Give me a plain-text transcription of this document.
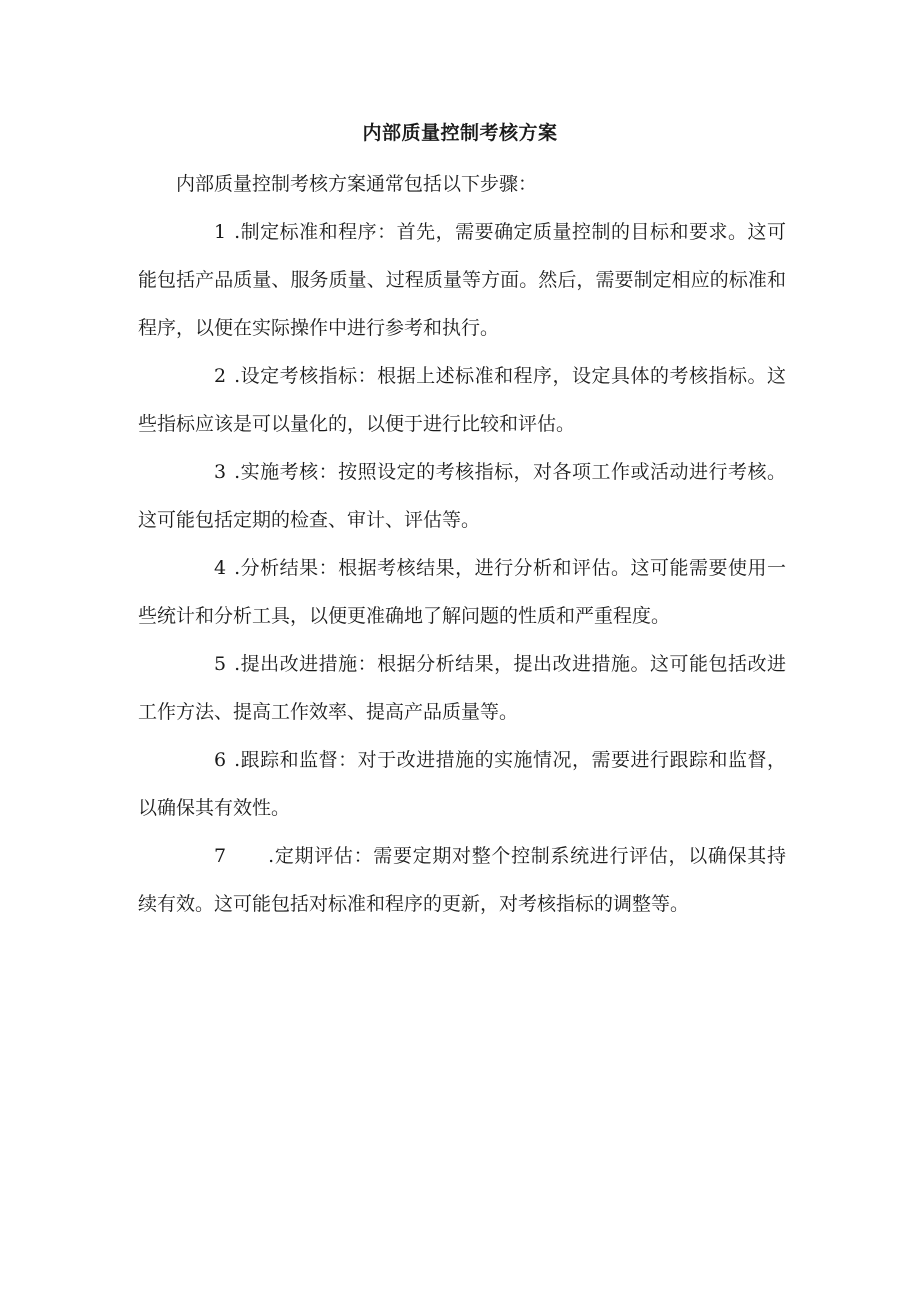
内部质量控制考核方案

内部质量控制考核方案通常包括以下步骤：

1 .制定标准和程序：首先，需要确定质量控制的目标和要求。这可能包括产品质量、服务质量、过程质量等方面。然后，需要制定相应的标准和程序，以便在实际操作中进行参考和执行。

2 .设定考核指标：根据上述标准和程序，设定具体的考核指标。这些指标应该是可以量化的，以便于进行比较和评估。

3 .实施考核：按照设定的考核指标，对各项工作或活动进行考核。这可能包括定期的检查、审计、评估等。

4 .分析结果：根据考核结果，进行分析和评估。这可能需要使用一些统计和分析工具，以便更准确地了解问题的性质和严重程度。

5 .提出改进措施：根据分析结果，提出改进措施。这可能包括改进工作方法、提高工作效率、提高产品质量等。

6 .跟踪和监督：对于改进措施的实施情况，需要进行跟踪和监督，以确保其有效性。

7 .定期评估：需要定期对整个控制系统进行评估，以确保其持续有效。这可能包括对标准和程序的更新，对考核指标的调整等。
